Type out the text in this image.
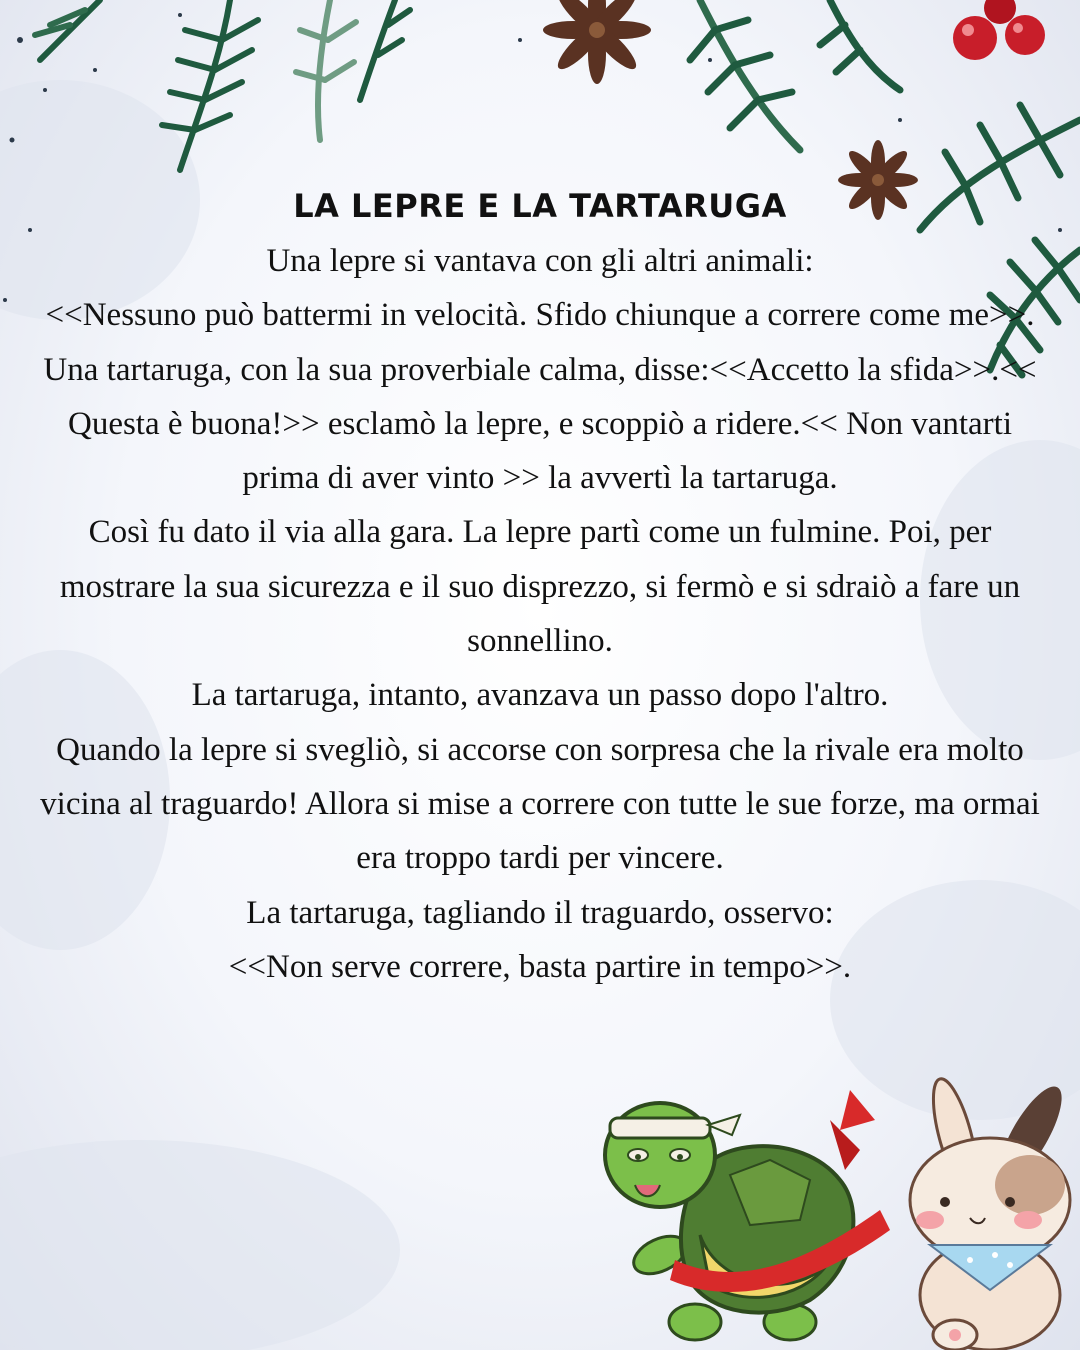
LA LEPRE E LA TARTARUGA

Una lepre si vantava con gli altri animali:

<<Nessuno può battermi in velocità. Sfido chiunque a correre come me>>.

Una tartaruga, con la sua proverbiale calma, disse:<<Accetto la sfida>>.<< Questa è buona!>> esclamò la lepre, e scoppiò a ridere.<< Non vantarti prima di aver vinto >> la avvertì la tartaruga.

Così fu dato il via alla gara. La lepre partì come un fulmine. Poi, per mostrare la sua sicurezza e il suo disprezzo, si fermò e si sdraiò a fare un sonnellino.

La tartaruga, intanto, avanzava un passo dopo l'altro.

Quando la lepre si svegliò, si accorse con sorpresa che la rivale era molto vicina al traguardo! Allora si mise a correre con tutte le sue forze, ma ormai era troppo tardi per vincere.

La tartaruga, tagliando il traguardo, osservo:

<<Non serve correre, basta partire in tempo>>.
